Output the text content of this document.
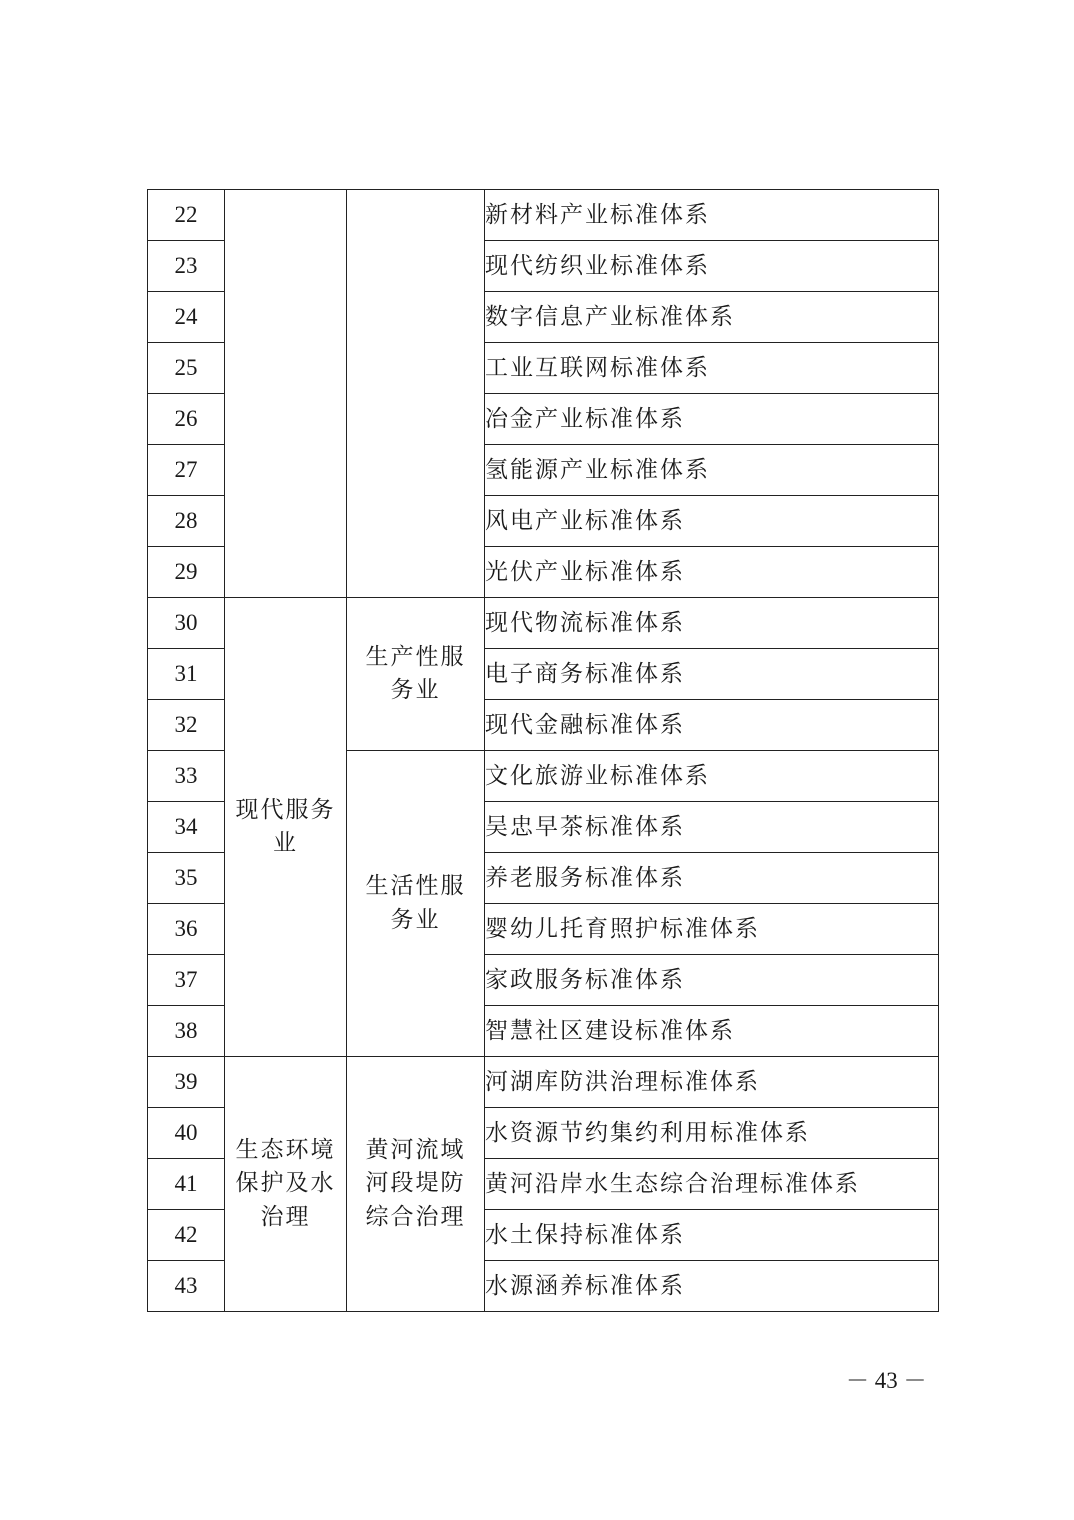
22			新材料产业标准体系
23			现代纺织业标准体系
24			数字信息产业标准体系
25			工业互联网标准体系
26			冶金产业标准体系
27			氢能源产业标准体系
28			风电产业标准体系
29			光伏产业标准体系
30	现代服务业	生产性服务业	现代物流标准体系
31			电子商务标准体系
32			现代金融标准体系
33		生活性服务业	文化旅游业标准体系
34			吴忠早茶标准体系
35			养老服务标准体系
36			婴幼儿托育照护标准体系
37			家政服务标准体系
38			智慧社区建设标准体系
39	生态环境保护及水治理	黄河流域河段堤防综合治理	河湖库防洪治理标准体系
40			水资源节约集约利用标准体系
41			黄河沿岸水生态综合治理标准体系
42			水土保持标准体系
43			水源涵养标准体系
－ 43 －
